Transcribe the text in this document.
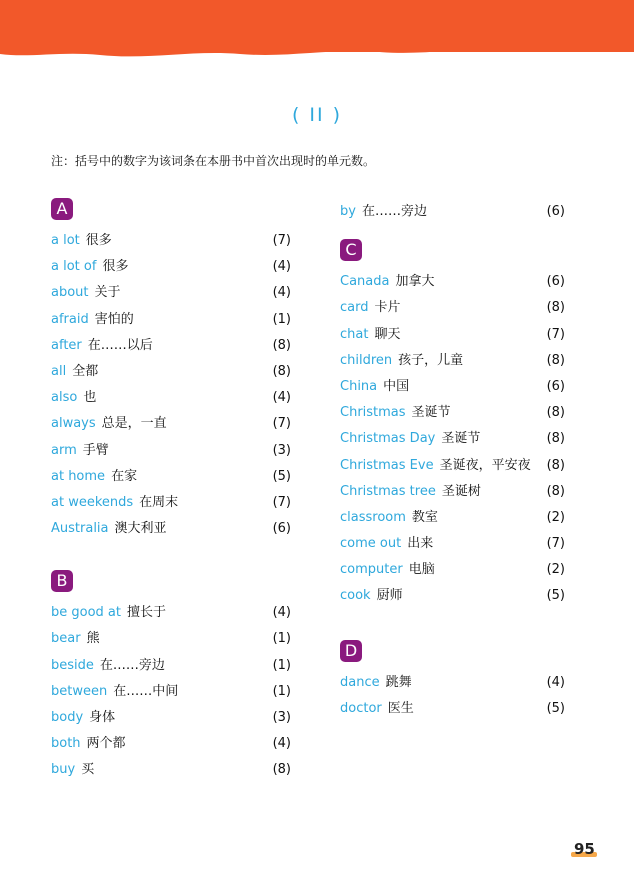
( II )
注：括号中的数字为该词条在本册书中首次出现时的单元数。
A
a lot 很多	(7)
a lot of 很多	(4)
about 关于	(4)
afraid 害怕的	(1)
after 在……以后	(8)
all 全都	(8)
also 也	(4)
always 总是，一直	(7)
arm 手臂	(3)
at home 在家	(5)
at weekends 在周末	(7)
Australia 澳大利亚	(6)
B
be good at 擅长于	(4)
bear 熊	(1)
beside 在……旁边	(1)
between 在……中间	(1)
body 身体	(3)
both 两个都	(4)
buy 买	(8)
by 在……旁边	(6)
C
Canada 加拿大	(6)
card 卡片	(8)
chat 聊天	(7)
children 孩子，儿童	(8)
China 中国	(6)
Christmas 圣诞节	(8)
Christmas Day 圣诞节	(8)
Christmas Eve 圣诞夜，平安夜 (8)
Christmas tree 圣诞树	(8)
classroom 教室	(2)
come out 出来	(7)
computer 电脑	(2)
cook 厨师	(5)
D
dance 跳舞	(4)
doctor 医生	(5)
95
